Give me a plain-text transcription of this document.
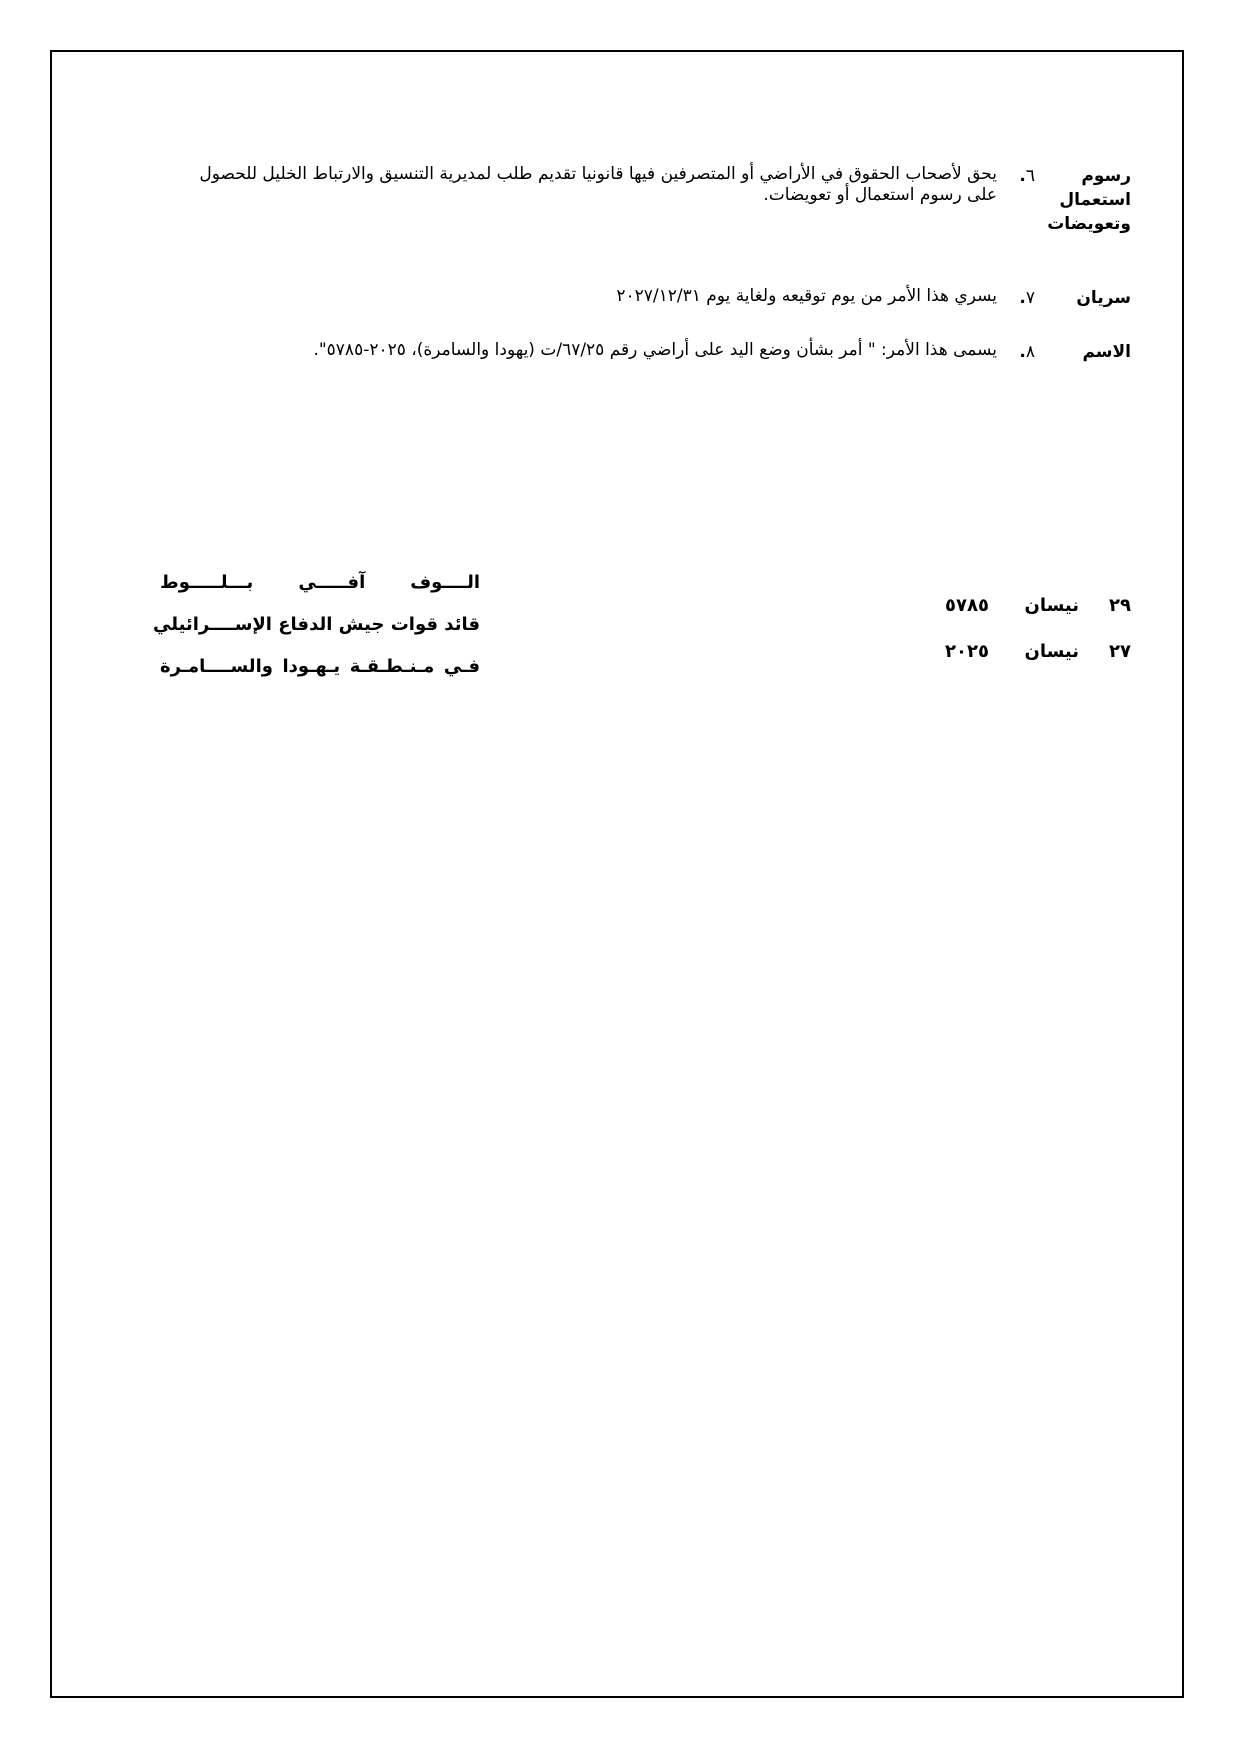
رسوم
استعمال
وتعويضات
٦.
يحق لأصحاب الحقوق في الأراضي أو المتصرفين فيها قانونيا تقديم طلب لمديرية التنسيق والارتباط الخليل للحصول على رسوم استعمال أو تعويضات.
سريان
٧.
يسري هذا الأمر من يوم توقيعه ولغاية يوم ٢٠٢٧/١٢/٣١
الاسم
٨.
يسمى هذا الأمر: " أمر بشأن وضع اليد على أراضي رقم ٦٧/٢٥/ت (يهودا والسامرة)، ٢٠٢٥-٥٧٨٥".
٢٩
نيسان
٥٧٨٥
٢٧
نيسان
٢٠٢٥
الــــوف آفـــــي بـــلـــــوط
قائد قوات جيش الدفاع الإســــرائيلي
فـي مـنـطـقـة يـهـودا والســــامـرة
